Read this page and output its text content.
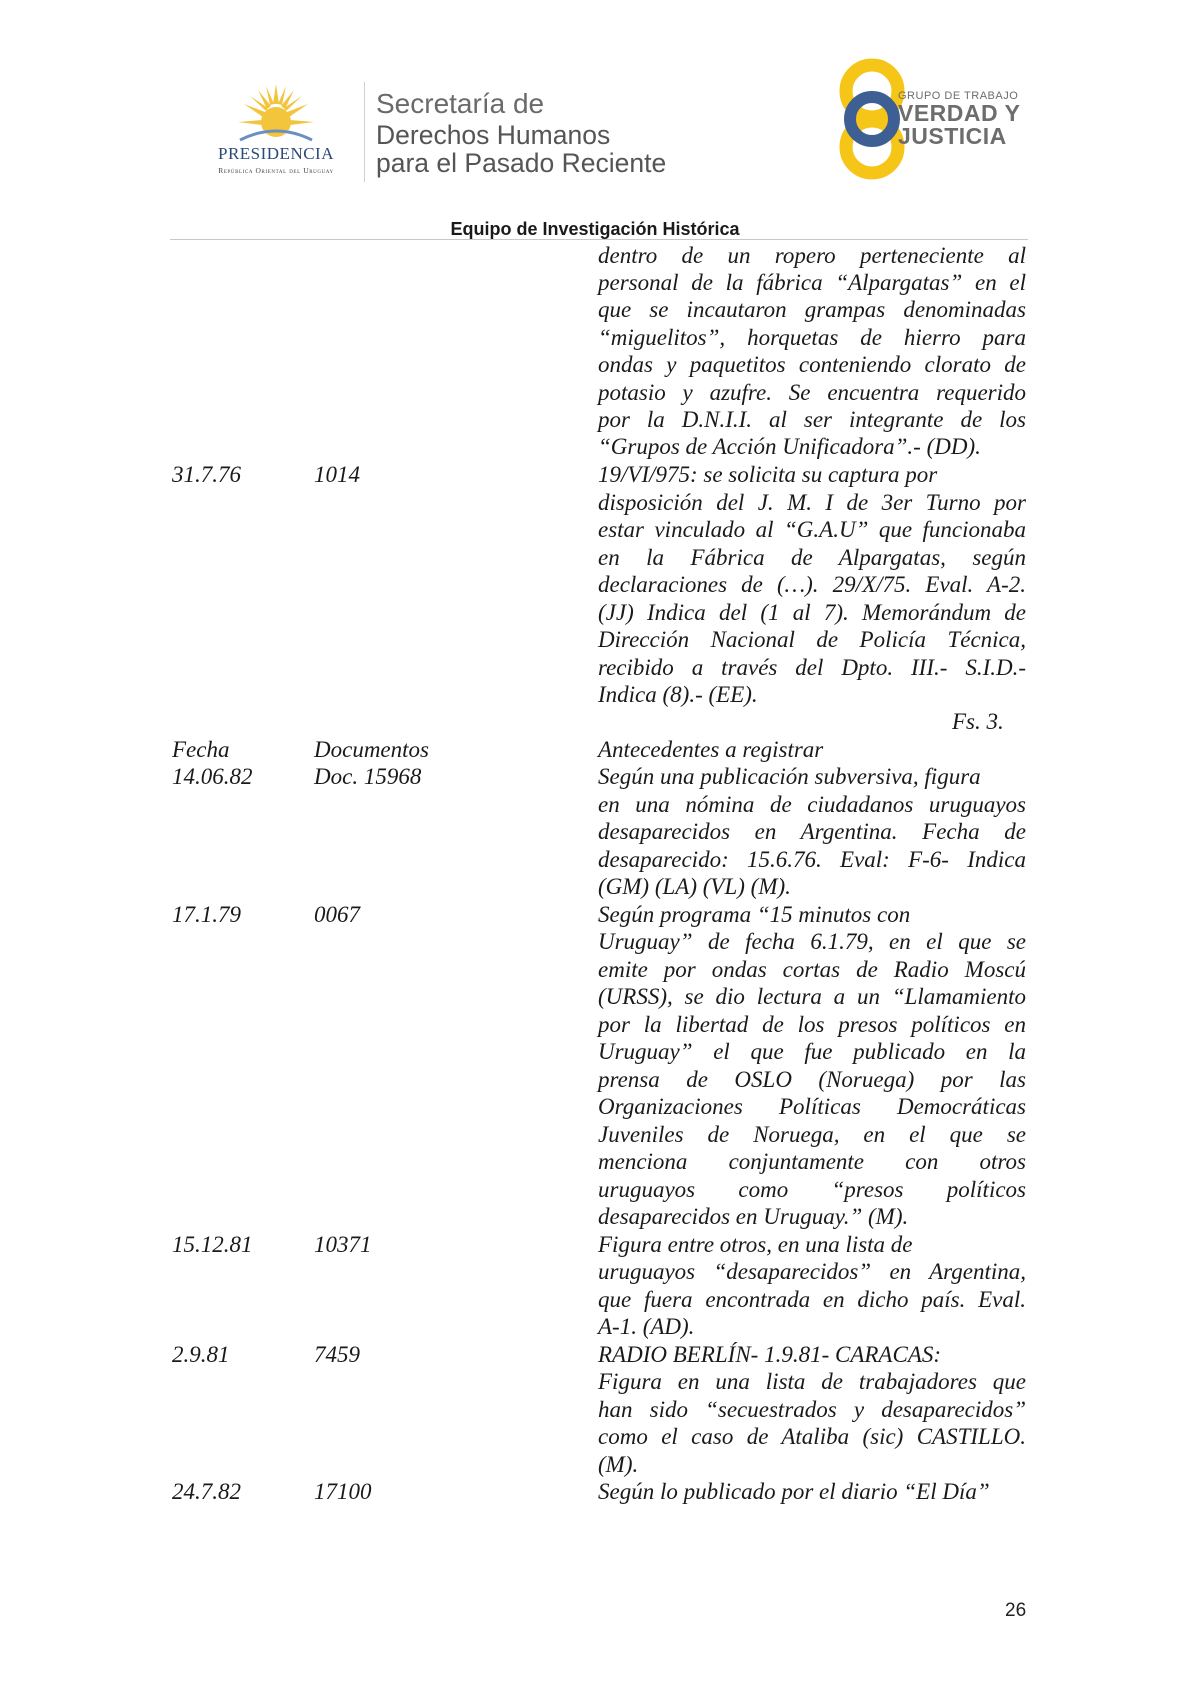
PRESIDENCIA
República Oriental del Uruguay
Secretaría de
Derechos Humanos
para el Pasado Reciente
GRUPO DE TRABAJO
VERDAD Y
JUSTICIA
Equipo de Investigación Histórica
dentro de un ropero perteneciente al
personal de la fábrica “Alpargatas” en el
que se incautaron grampas denominadas
“miguelitos”, horquetas de hierro para
ondas y paquetitos conteniendo clorato de
potasio y azufre. Se encuentra requerido
por la D.N.I.I. al ser integrante de los
“Grupos de Acción Unificadora”.- (DD).
31.7.76	1014	19/VI/975: se solicita su captura por
disposición del J. M. I de 3er Turno por
estar vinculado al “G.A.U” que funcionaba
en la Fábrica de Alpargatas, según
declaraciones de (…). 29/X/75. Eval. A-2.
(JJ) Indica del (1 al 7). Memorándum de
Dirección Nacional de Policía Técnica,
recibido a través del Dpto. III.- S.I.D.-
Indica (8).- (EE).
Fs. 3.
Fecha	Documentos	Antecedentes a registrar
14.06.82	Doc. 15968	Según una publicación subversiva, figura
en una nómina de ciudadanos uruguayos
desaparecidos en Argentina. Fecha de
desaparecido: 15.6.76. Eval: F-6- Indica
(GM) (LA) (VL) (M).
17.1.79	0067	Según programa “15 minutos con
Uruguay” de fecha 6.1.79, en el que se
emite por ondas cortas de Radio Moscú
(URSS), se dio lectura a un “Llamamiento
por la libertad de los presos políticos en
Uruguay” el que fue publicado en la
prensa de OSLO (Noruega) por las
Organizaciones Políticas Democráticas
Juveniles de Noruega, en el que se
menciona conjuntamente con otros
uruguayos como “presos políticos
desaparecidos en Uruguay.” (M).
15.12.81	10371	Figura entre otros, en una lista de
uruguayos “desaparecidos” en Argentina,
que fuera encontrada en dicho país. Eval.
A-1. (AD).
2.9.81	7459	RADIO BERLÍN- 1.9.81- CARACAS:
Figura en una lista de trabajadores que
han sido “secuestrados y desaparecidos”
como el caso de Ataliba (sic) CASTILLO.
(M).
24.7.82	17100	Según lo publicado por el diario “El Día”
26
